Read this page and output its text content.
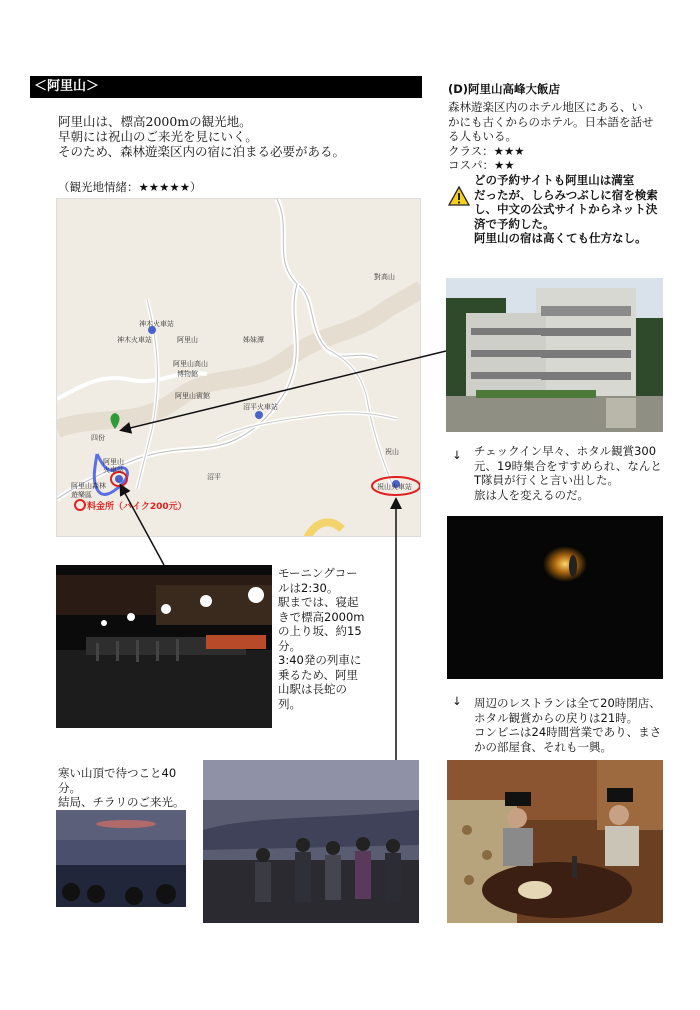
＜阿里山＞
阿里山は、標高2000mの観光地。
早朝には祝山のご来光を見にいく。
そのため、森林遊楽区内の宿に泊まる必要がある。
（観光地情緒：★★★★★）
對高山
神木火車站
神木火車站	阿里山	姊妹潭
阿里山高山
博物館
阿里山賓館
沼平火車站
四份
阿里山
火車站
阿里山森林
遊樂區
沼平
祝山
祝山火車站
料金所（バイク200元）
(D)阿里山高峰大飯店
森林遊楽区内のホテル地区にある、い
かにも古くからのホテル。日本語を話せ
る人もいる。
クラス：★★★
コスパ：★★
どの予約サイトも阿里山は満室
だったが、しらみつぶしに宿を検索
し、中文の公式サイトからネット決
済で予約した。
阿里山の宿は高くても仕方なし。
↓ チェックイン早々、ホタル観賞300
元、19時集合をすすめられ、なんと
T隊員が行くと言い出した。
旅は人を変えるのだ。
↓ 周辺のレストランは全て20時閉店、
ホタル観賞からの戻りは21時。
コンビニは24時間営業であり、まさ
かの部屋食、それも一興。
モーニングコー
ルは2:30。
駅までは、寝起
きで標高2000m
の上り坂、約15
分。
3:40発の列車に
乗るため、阿里
山駅は長蛇の
列。
寒い山頂で待つこと40
分。
結局、チラリのご来光。
